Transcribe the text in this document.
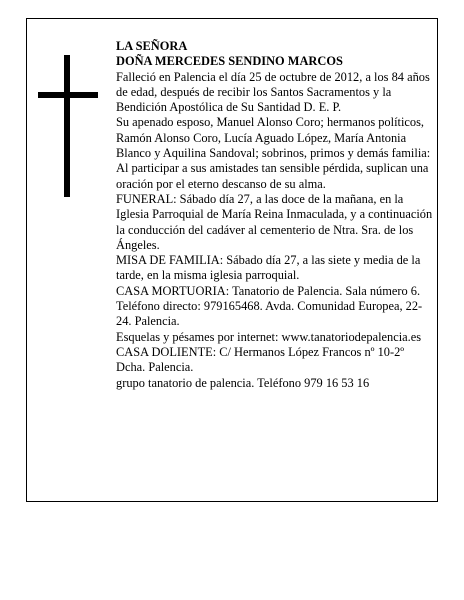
LA SEÑORA

DOÑA MERCEDES SENDINO MARCOS

Falleció en Palencia el día 25 de octubre de 2012, a los 84 años de edad, después de recibir los Santos Sacramentos y la Bendición Apostólica de Su Santidad D. E. P.

Su apenado esposo, Manuel Alonso Coro; hermanos políticos, Ramón Alonso Coro, Lucía Aguado López, María Antonia Blanco y Aquilina Sandoval; sobrinos, primos y demás familia:

Al participar a sus amistades tan sensible pérdida, suplican una oración por el eterno descanso de su alma.

FUNERAL: Sábado día 27, a las doce de la mañana, en la Iglesia Parroquial de María Reina Inmaculada, y a continuación la conducción del cadáver al cementerio de Ntra. Sra. de los Ángeles.

MISA DE FAMILIA: Sábado día 27, a las siete y media de la tarde, en la misma iglesia parroquial.

CASA MORTUORIA: Tanatorio de Palencia. Sala número 6. Teléfono directo: 979165468. Avda. Comunidad Europea, 22-24. Palencia.

Esquelas y pésames por internet: www.tanatoriodepalencia.es

CASA DOLIENTE: C/ Hermanos López Francos nº 10-2º Dcha. Palencia.

grupo tanatorio de palencia. Teléfono 979 16 53 16
